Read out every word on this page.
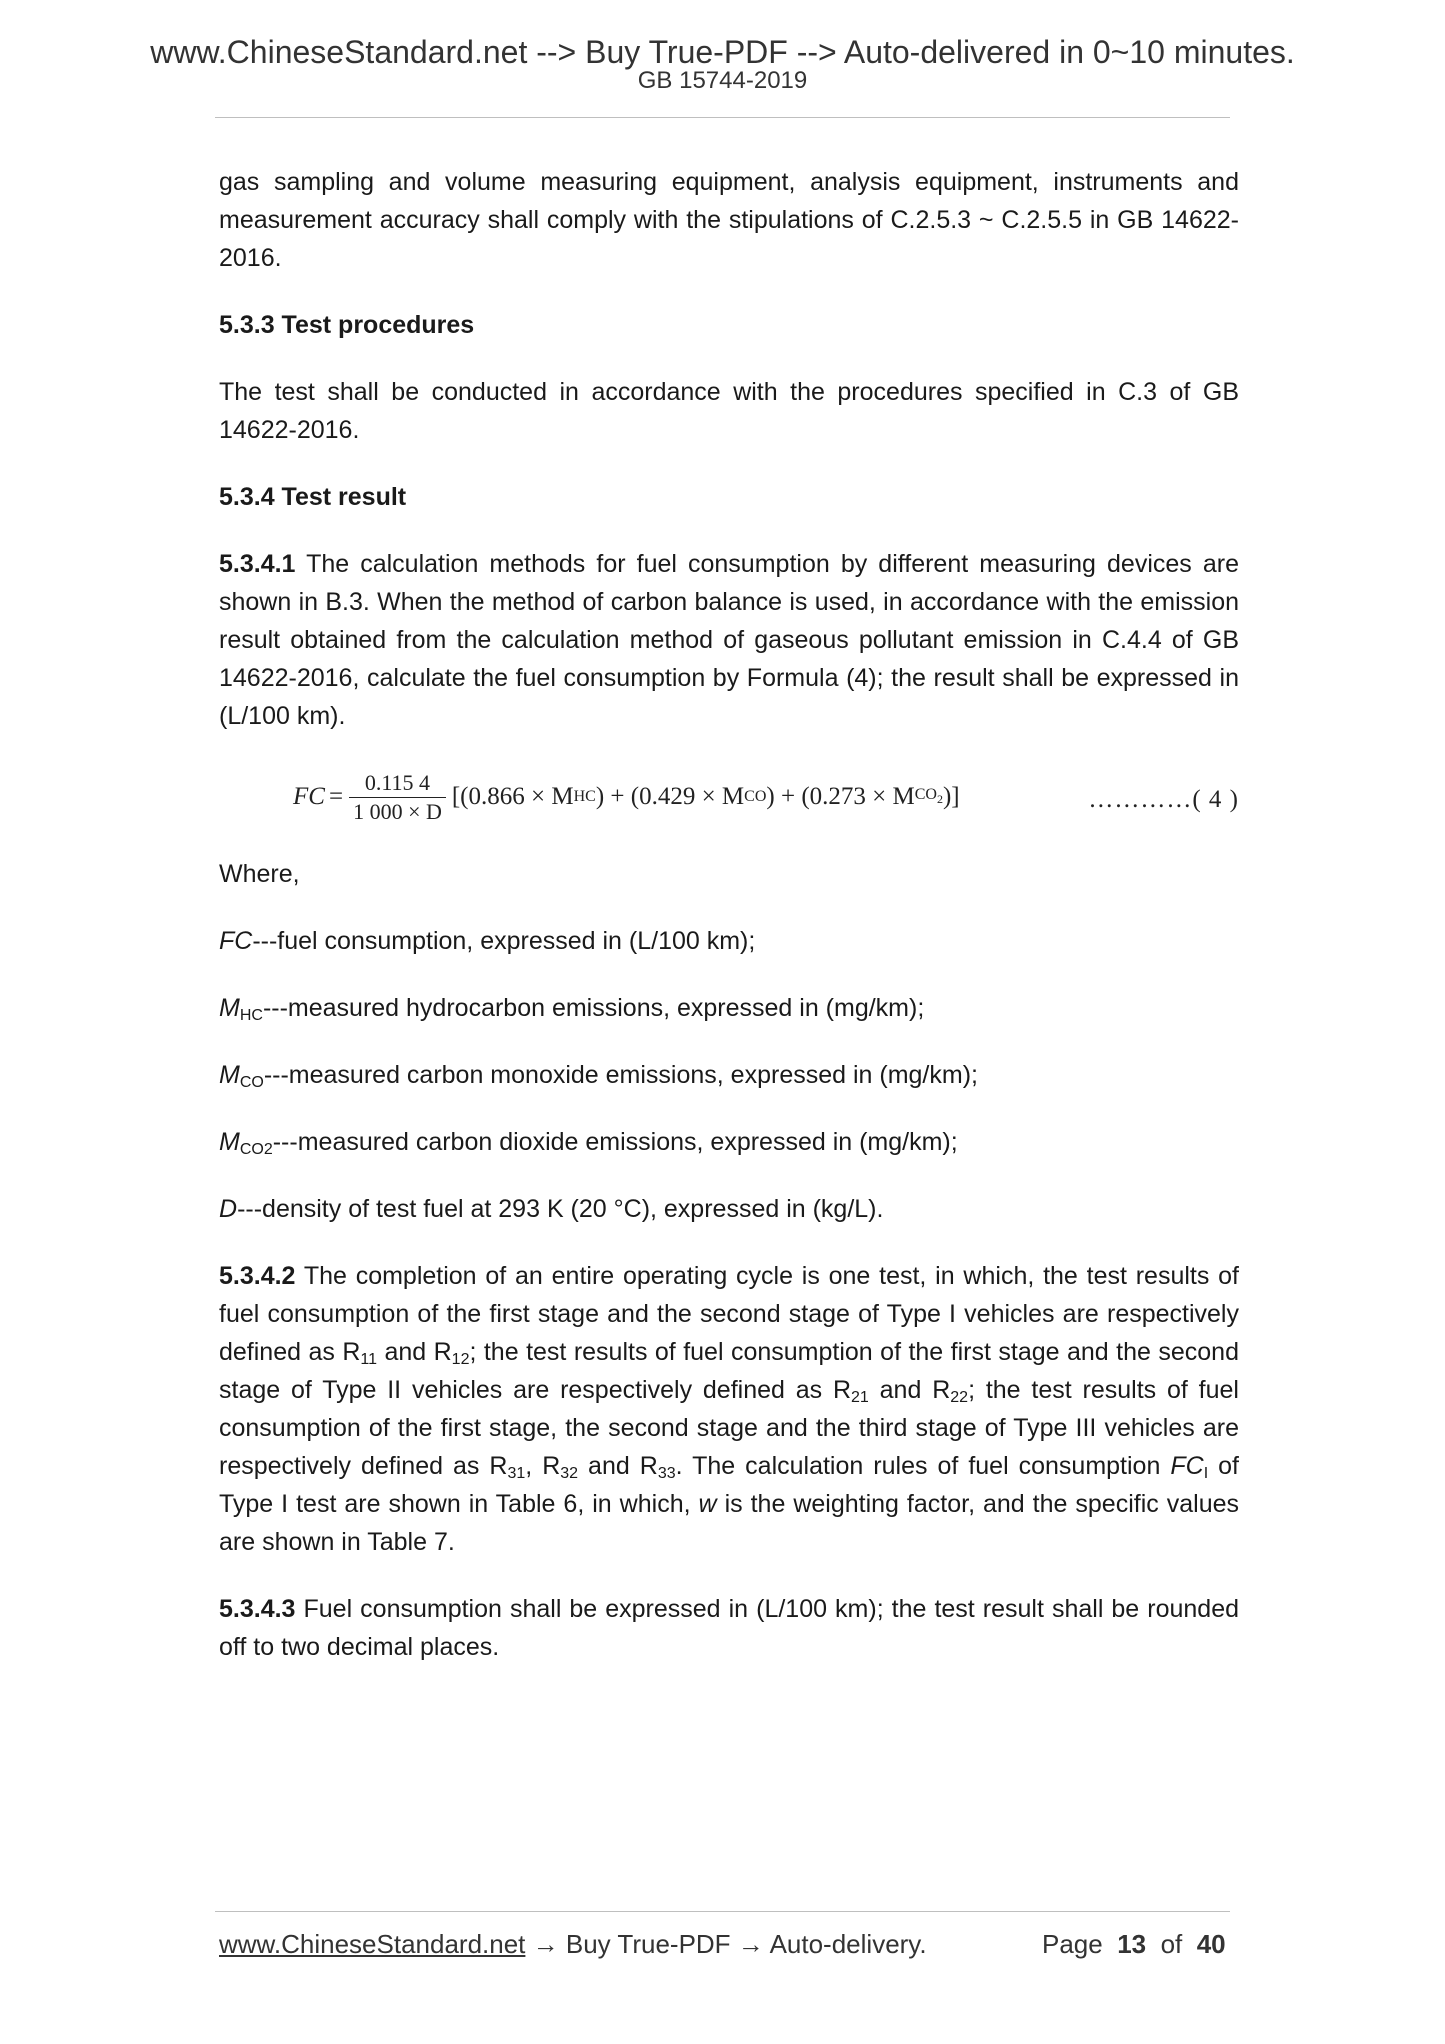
www.ChineseStandard.net --> Buy True-PDF --> Auto-delivered in 0~10 minutes.
GB 15744-2019

gas sampling and volume measuring equipment, analysis equipment, instruments and measurement accuracy shall comply with the stipulations of C.2.5.3 ~ C.2.5.5 in GB 14622-2016.

5.3.3 Test procedures

The test shall be conducted in accordance with the procedures specified in C.3 of GB 14622-2016.

5.3.4 Test result

5.3.4.1 The calculation methods for fuel consumption by different measuring devices are shown in B.3. When the method of carbon balance is used, in accordance with the emission result obtained from the calculation method of gaseous pollutant emission in C.4.4 of GB 14622-2016, calculate the fuel consumption by Formula (4); the result shall be expressed in (L/100 km).

FC = $\frac{0.115 4}{1 000 \times D} [(0.866 \times M$ HC ) + (0.429 × M CO ) + (0.273 × M $CO_2$ )]	…………( 4 )

Where,

FC---fuel consumption, expressed in (L/100 km);

$M_{HC}--$-measured hydrocarbon emissions, expressed in (mg/km);

$M_{CO}--$-measured carbon monoxide emissions, expressed in (mg/km);

$M_{CO2}--$-measured carbon dioxide emissions, expressed in (mg/km);

D---density of test fuel at 293 K (20 °C), expressed in (kg/L).

5.3.4.2 The completion of an entire operating cycle is one test, in which, the test results of fuel consumption of the first stage and the second stage of Type I vehicles are respectively defined as $R_{11}$ and $R_{12}$; the test results of fuel consumption of the first stage and the second stage of Type II vehicles are respectively defined as $R_{21}$ and $R_{22}$; the test results of fuel consumption of the first stage, the second stage and the third stage of Type III vehicles are respectively defined as $R_{31}$, $R_{32}$ and $R_{33}$. The calculation rules of fuel consumption $FC_I$ of Type I test are shown in Table 6, in which, w is the weighting factor, and the specific values are shown in Table 7.

5.3.4.3 Fuel consumption shall be expressed in (L/100 km); the test result shall be rounded off to two decimal places.

www.ChineseStandard.net → Buy True-PDF → Auto-delivery.	Page 13 of 40
